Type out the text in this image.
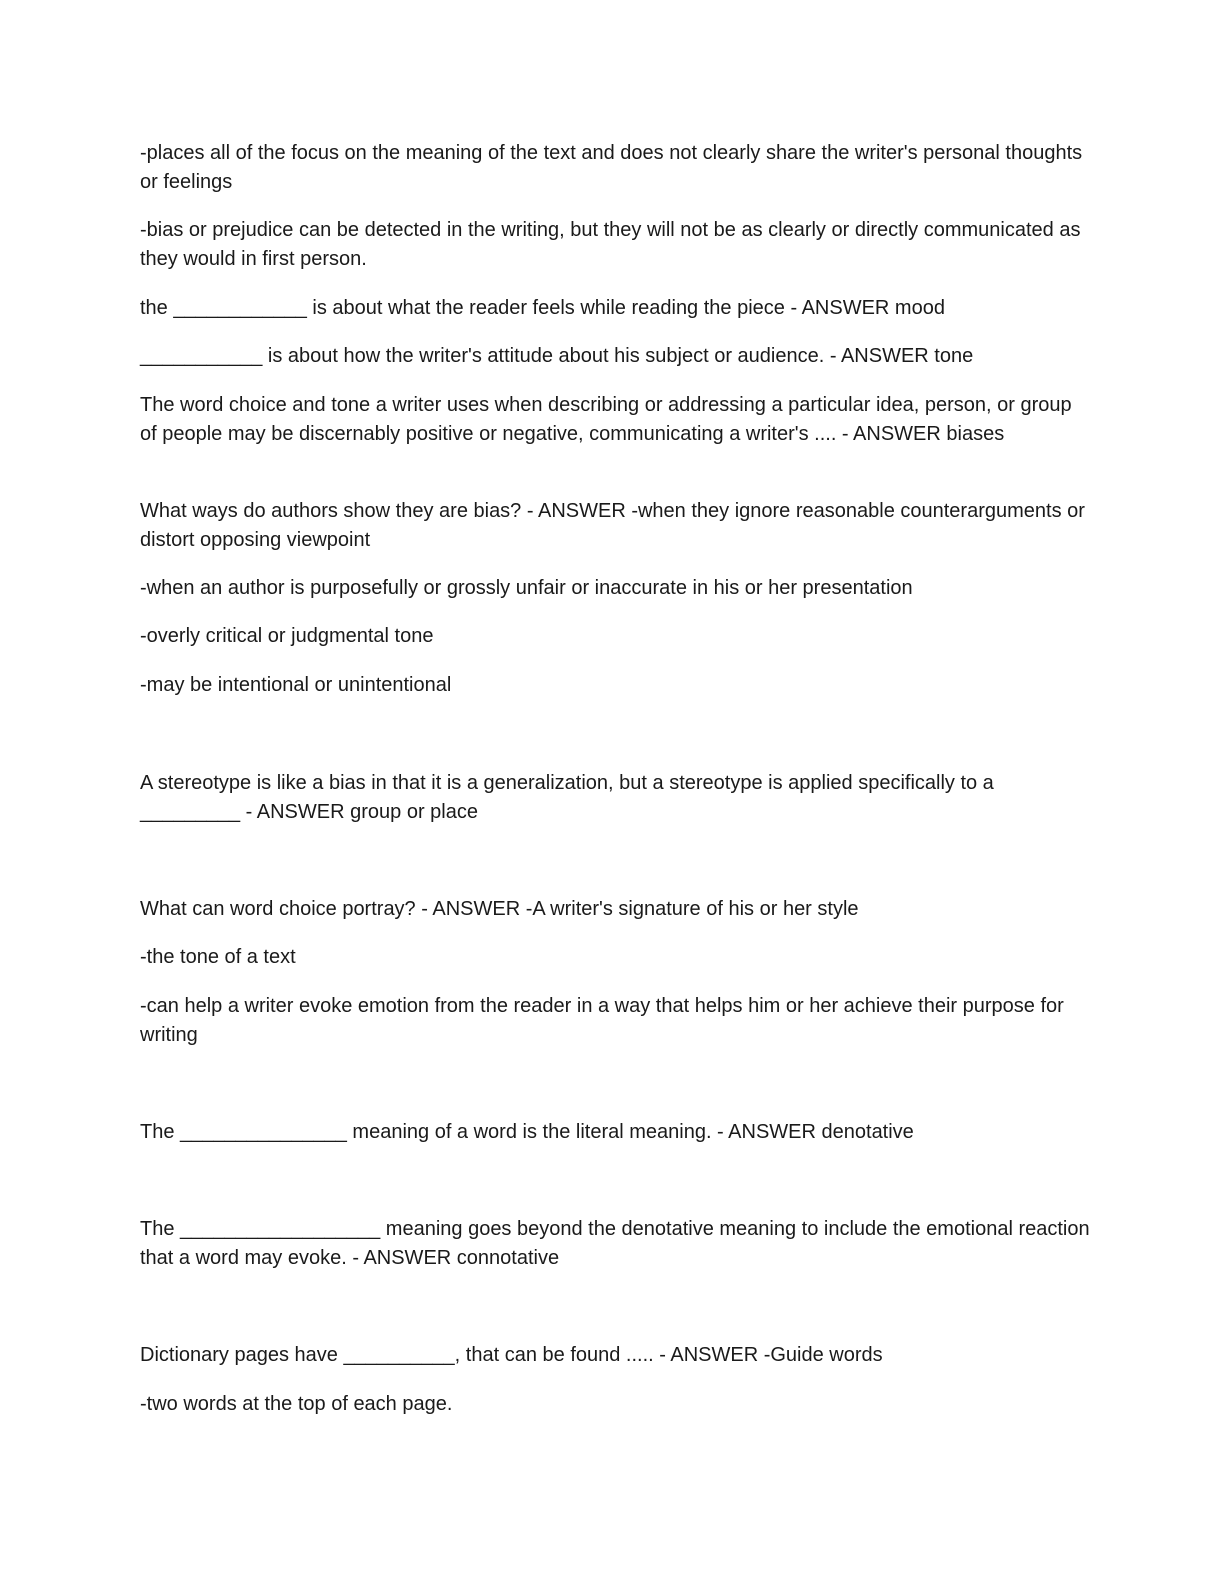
-places all of the focus on the meaning of the text and does not clearly share the writer's personal thoughts or feelings

-bias or prejudice can be detected in the writing, but they will not be as clearly or directly communicated as they would in first person.

the ____________ is about what the reader feels while reading the piece - ANSWER mood

___________ is about how the writer's attitude about his subject or audience. - ANSWER tone

The word choice and tone a writer uses when describing or addressing a particular idea, person, or group of people may be discernably positive or negative, communicating a writer's .... - ANSWER biases

What ways do authors show they are bias? - ANSWER -when they ignore reasonable counterarguments or distort opposing viewpoint

-when an author is purposefully or grossly unfair or inaccurate in his or her presentation

-overly critical or judgmental tone

-may be intentional or unintentional

A stereotype is like a bias in that it is a generalization, but a stereotype is applied specifically to a _________ - ANSWER group or place

What can word choice portray? - ANSWER -A writer's signature of his or her style

-the tone of a text

-can help a writer evoke emotion from the reader in a way that helps him or her achieve their purpose for writing

The _______________ meaning of a word is the literal meaning. - ANSWER denotative

The __________________ meaning goes beyond the denotative meaning to include the emotional reaction that a word may evoke. - ANSWER connotative

Dictionary pages have __________, that can be found ..... - ANSWER -Guide words

-two words at the top of each page.
